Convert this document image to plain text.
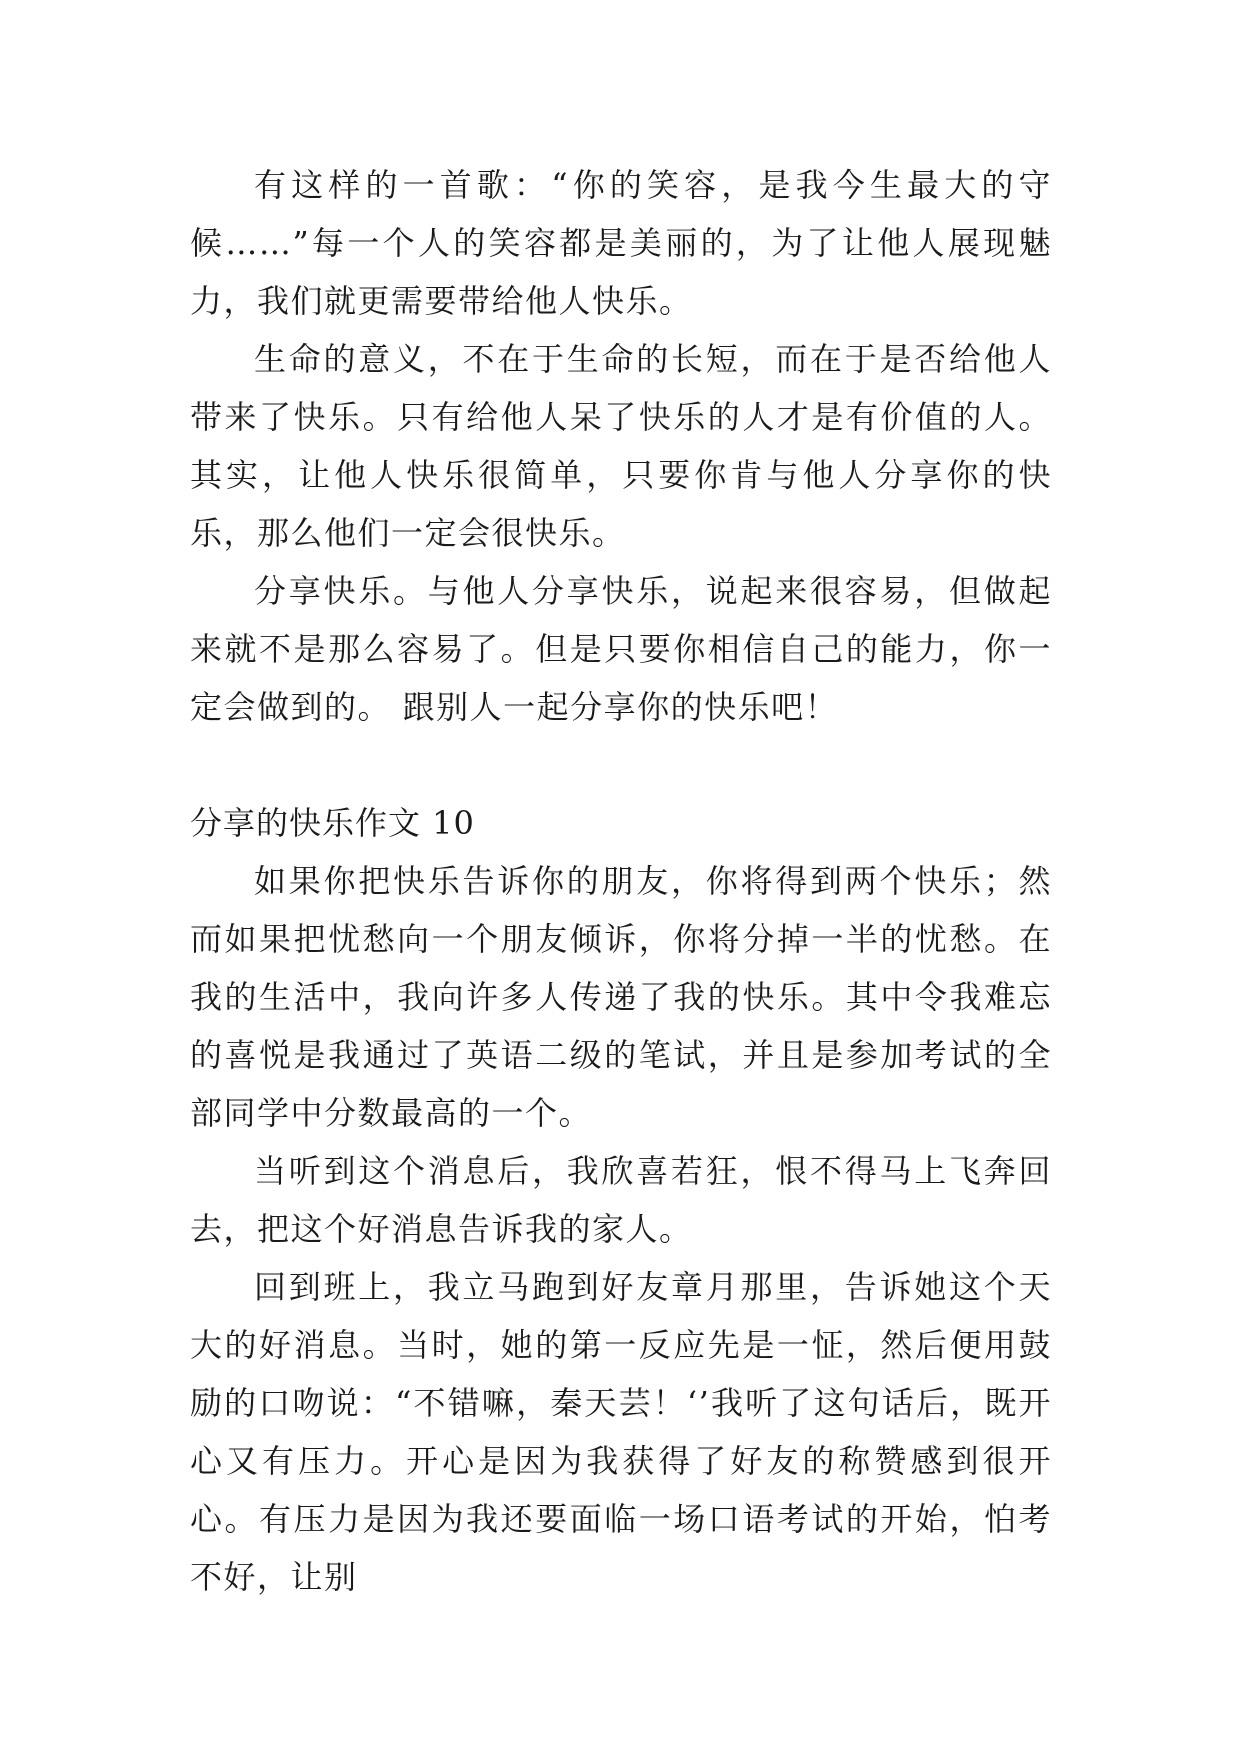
有这样的一首歌：“你的笑容，是我今生最大的守候……”每一个人的笑容都是美丽的，为了让他人展现魅力，我们就更需要带给他人快乐。

生命的意义，不在于生命的长短，而在于是否给他人带来了快乐。只有给他人呆了快乐的人才是有价值的人。其实，让他人快乐很简单，只要你肯与他人分享你的快乐，那么他们一定会很快乐。

分享快乐。与他人分享快乐，说起来很容易，但做起来就不是那么容易了。但是只要你相信自己的能力，你一定会做到的。 跟别人一起分享你的快乐吧！

分享的快乐作文 10

如果你把快乐告诉你的朋友，你将得到两个快乐；然而如果把忧愁向一个朋友倾诉，你将分掉一半的忧愁。在我的生活中，我向许多人传递了我的快乐。其中令我难忘的喜悦是我通过了英语二级的笔试，并且是参加考试的全部同学中分数最高的一个。

当听到这个消息后，我欣喜若狂，恨不得马上飞奔回去，把这个好消息告诉我的家人。

回到班上，我立马跑到好友章月那里，告诉她这个天大的好消息。当时，她的第一反应先是一怔，然后便用鼓励的口吻说：“不错嘛，秦天芸！‘’我听了这句话后，既开心又有压力。开心是因为我获得了好友的称赞感到很开心。有压力是因为我还要面临一场口语考试的开始，怕考不好，让别
